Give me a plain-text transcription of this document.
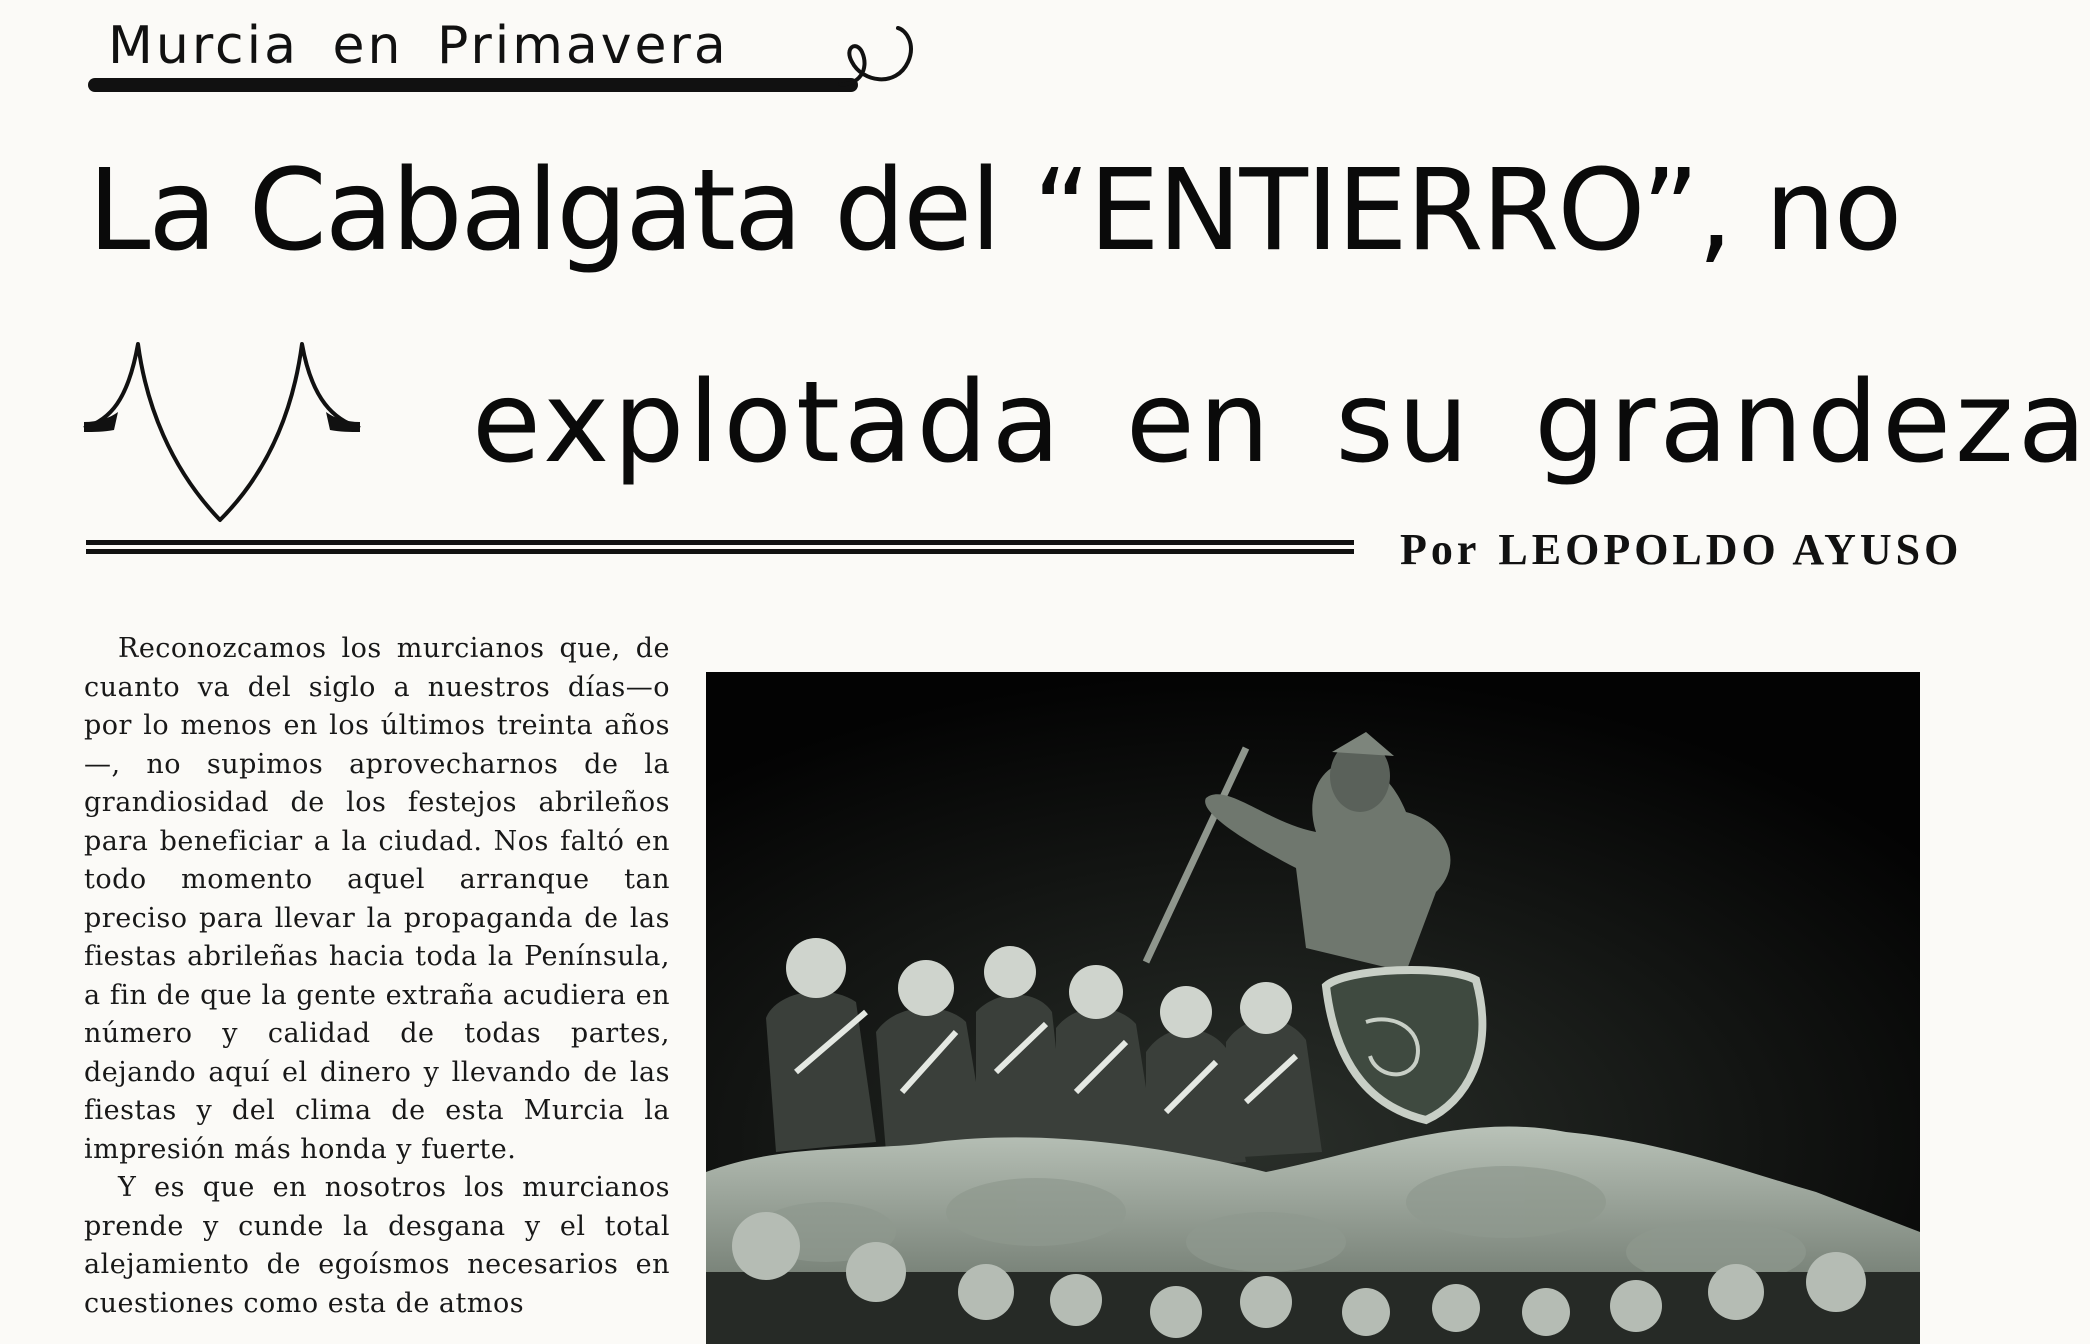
Murcia en Primavera
La Cabalgata del “ENTIERRO”, no
explotada en su grandeza
Por LEOPOLDO AYUSO

Reconozcamos los murcianos que, de cuanto va del siglo a nuestros días—o por lo menos en los últimos treinta años—, no supimos aprovecharnos de la grandiosidad de los festejos abrileños para beneficiar a la ciudad. Nos faltó en todo momento aquel arranque tan preciso para llevar la propaganda de las fiestas abrileñas hacia toda la Península, a fin de que la gente extraña acudiera en número y calidad de todas partes, dejando aquí el dinero y llevando de las fiestas y del clima de esta Murcia la impresión más honda y fuerte.

Y es que en nosotros los murcianos prende y cunde la desgana y el total alejamiento de egoísmos necesarios en cuestiones como esta de atmos
